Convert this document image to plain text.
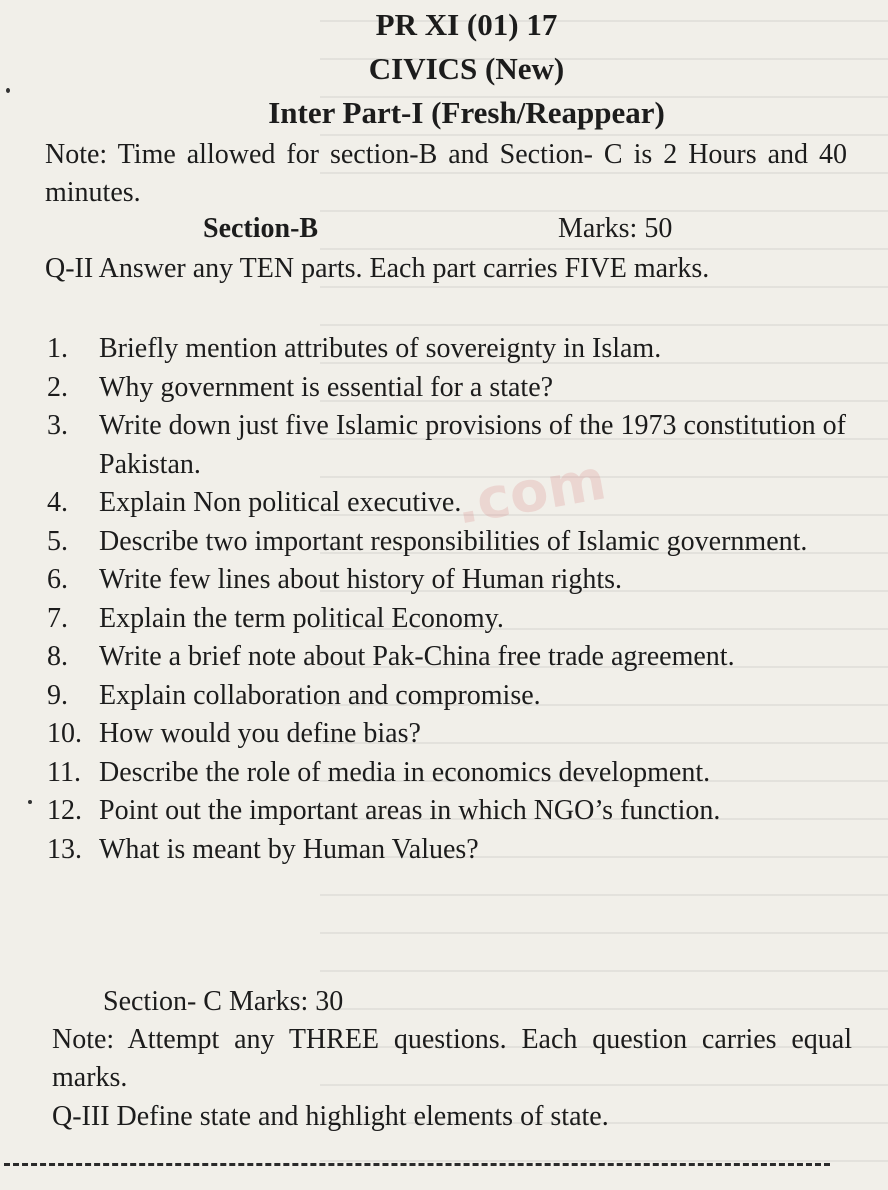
.com
PR XI (01) 17
CIVICS (New)
Inter Part-I (Fresh/Reappear)
Note: Time allowed for section-B and Section- C is 2 Hours and 40 minutes.
Section-B	Marks: 50
Q-II Answer any TEN parts. Each part carries FIVE marks.
1. Briefly mention attributes of sovereignty in Islam.
2. Why government is essential for a state?
3. Write down just five Islamic provisions of the 1973 constitution of Pakistan.
4. Explain Non political executive.
5. Describe two important responsibilities of Islamic government.
6. Write few lines about history of Human rights.
7. Explain the term political Economy.
8. Write a brief note about Pak-China free trade agreement.
9. Explain collaboration and compromise.
10. How would you define bias?
11. Describe the role of media in economics development.
12. Point out the important areas in which NGO’s function.
13. What is meant by Human Values?
Section- C Marks: 30
Note: Attempt any THREE questions. Each question carries equal marks.
Q-III Define state and highlight elements of state.
